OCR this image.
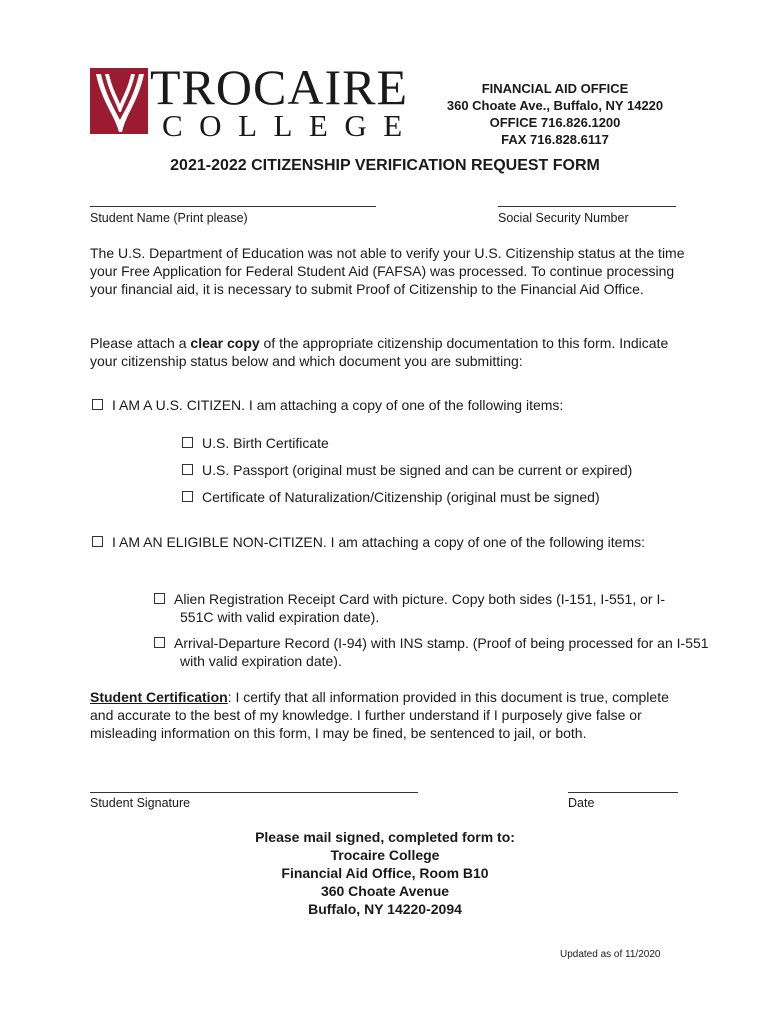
TROCAIRE
COLLEGE
FINANCIAL AID OFFICE
360 Choate Ave., Buffalo, NY 14220
OFFICE 716.826.1200
FAX 716.828.6117
2021-2022 CITIZENSHIP VERIFICATION REQUEST FORM
Student Name (Print please)	Social Security Number
The U.S. Department of Education was not able to verify your U.S. Citizenship status at the time your Free Application for Federal Student Aid (FAFSA) was processed. To continue processing your financial aid, it is necessary to submit Proof of Citizenship to the Financial Aid Office.
Please attach a clear copy of the appropriate citizenship documentation to this form. Indicate your citizenship status below and which document you are submitting:
I AM A U.S. CITIZEN. I am attaching a copy of one of the following items:
U.S. Birth Certificate
U.S. Passport (original must be signed and can be current or expired)
Certificate of Naturalization/Citizenship (original must be signed)
I AM AN ELIGIBLE NON-CITIZEN. I am attaching a copy of one of the following items:
Alien Registration Receipt Card with picture. Copy both sides (I-151, I-551, or I-551C with valid expiration date).
Arrival-Departure Record (I-94) with INS stamp. (Proof of being processed for an I-551 with valid expiration date).
Student Certification: I certify that all information provided in this document is true, complete and accurate to the best of my knowledge. I further understand if I purposely give false or misleading information on this form, I may be fined, be sentenced to jail, or both.
Student Signature	Date
Please mail signed, completed form to:
Trocaire College
Financial Aid Office, Room B10
360 Choate Avenue
Buffalo, NY 14220-2094
Updated as of 11/2020
